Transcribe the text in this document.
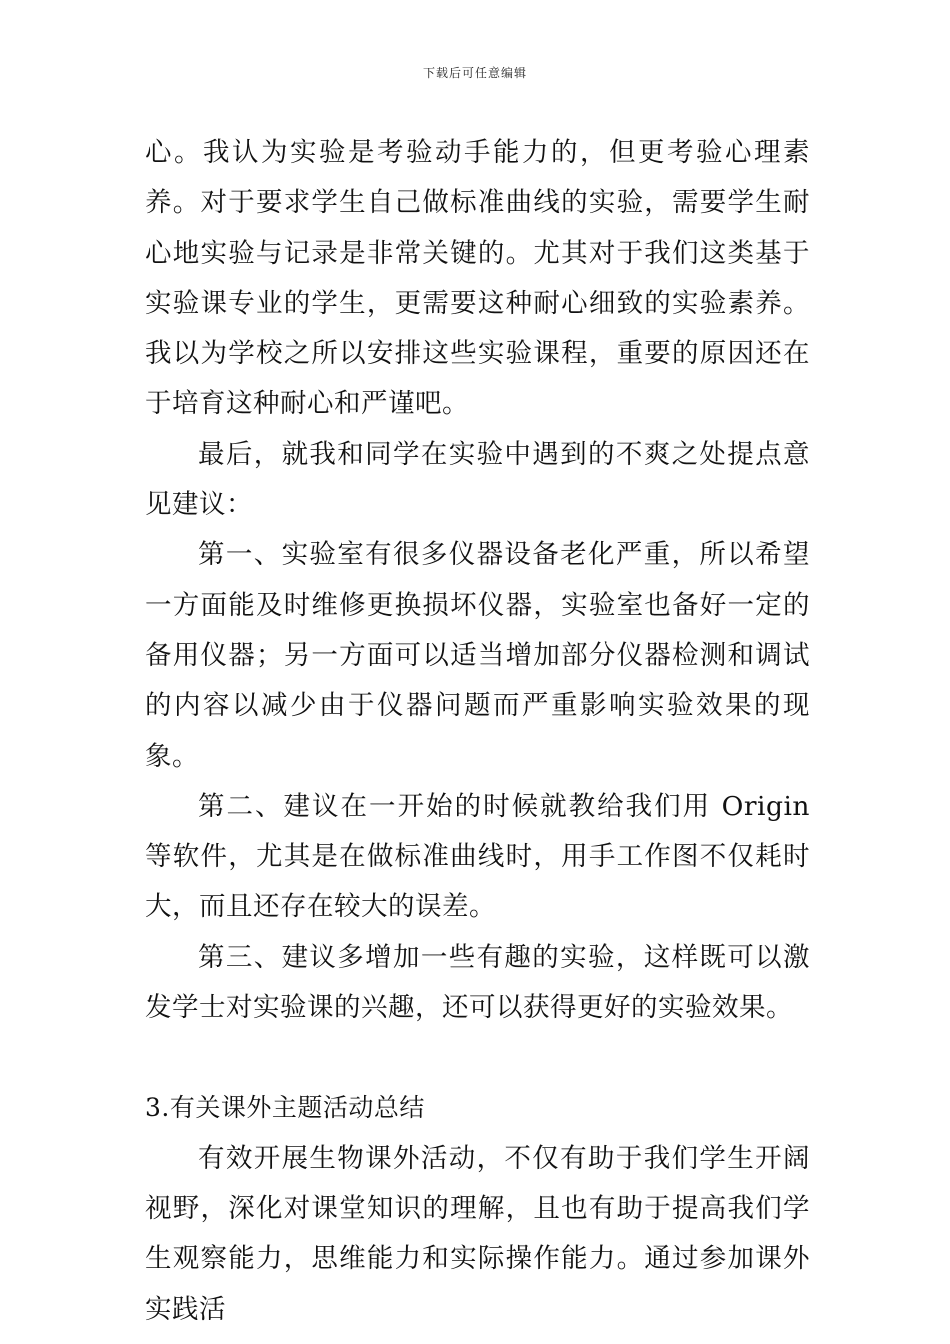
下载后可任意编辑

心。我认为实验是考验动手能力的，但更考验心理素养。对于要求学生自己做标准曲线的实验，需要学生耐心地实验与记录是非常关键的。尤其对于我们这类基于实验课专业的学生，更需要这种耐心细致的实验素养。我以为学校之所以安排这些实验课程，重要的原因还在于培育这种耐心和严谨吧。

最后，就我和同学在实验中遇到的不爽之处提点意见建议：

第一、实验室有很多仪器设备老化严重，所以希望一方面能及时维修更换损坏仪器，实验室也备好一定的备用仪器；另一方面可以适当增加部分仪器检测和调试的内容以减少由于仪器问题而严重影响实验效果的现象。

第二、建议在一开始的时候就教给我们用 Origin 等软件，尤其是在做标准曲线时，用手工作图不仅耗时大，而且还存在较大的误差。

第三、建议多增加一些有趣的实验，这样既可以激发学士对实验课的兴趣，还可以获得更好的实验效果。

3.有关课外主题活动总结

有效开展生物课外活动，不仅有助于我们学生开阔视野，深化对课堂知识的理解，且也有助于提高我们学生观察能力，思维能力和实际操作能力。通过参加课外实践活
